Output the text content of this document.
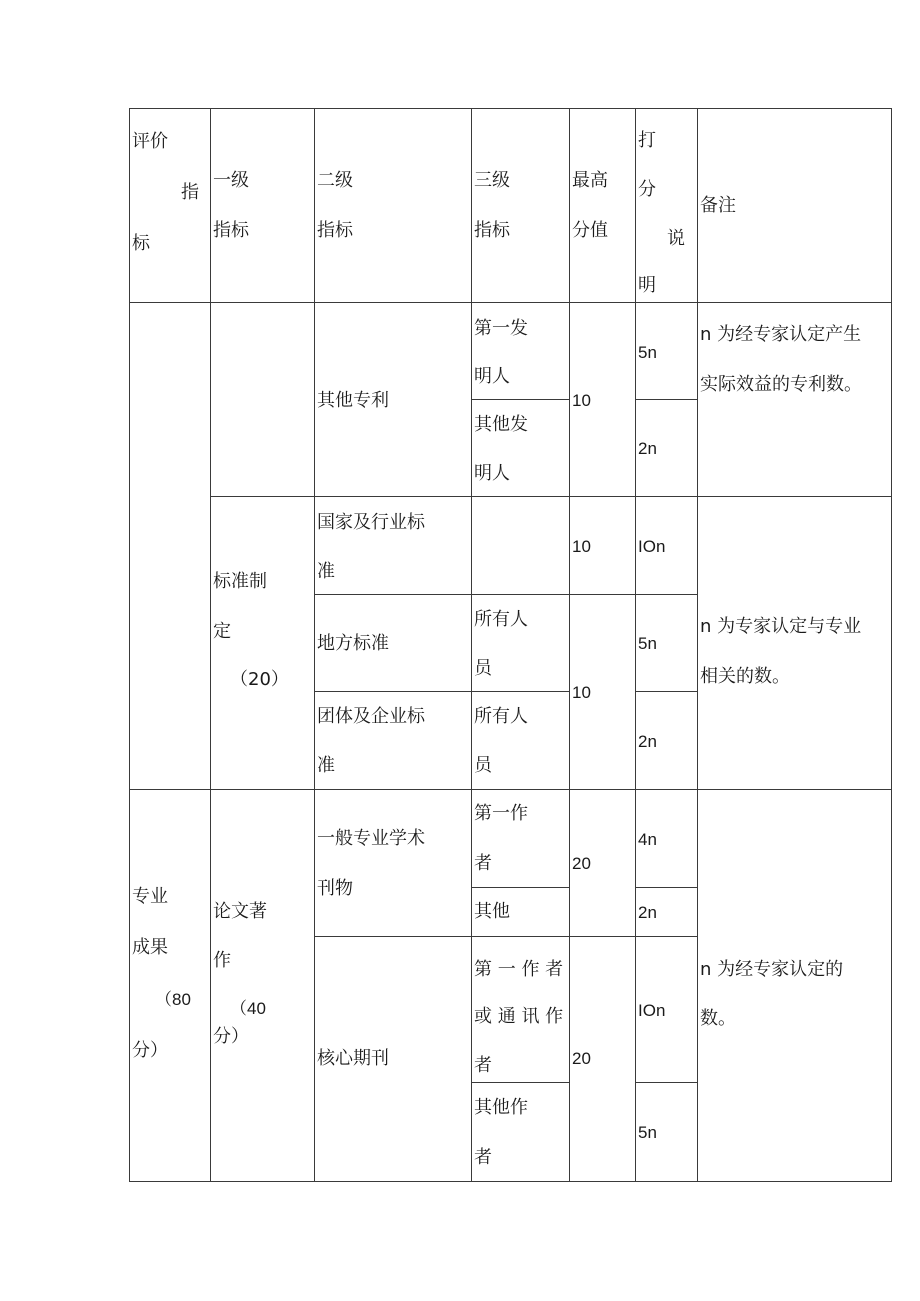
评价
指
标
一级
指标
二级
指标
三级
指标
最高
分值
打
分
说
明
备注
其他专利
第一发
明人
其他发
明人
10
5n
2n
n 为经专家认定产生
实际效益的专利数。
标准制
定
（20）
国家及行业标
准
10	IOn
地方标准
所有人
员
团体及企业标
准
所有人
员
10
5n
2n
n 为专家认定与专业
相关的数。
专业
成果
（80
分）
论文著
作
（40
分）
一般专业学术
刊物
第一作
者
其他
20
4n
2n
核心期刊
第 一 作 者
或 通 讯 作
者
其他作
者
20
IOn
5n
n 为经专家认定的
数。
